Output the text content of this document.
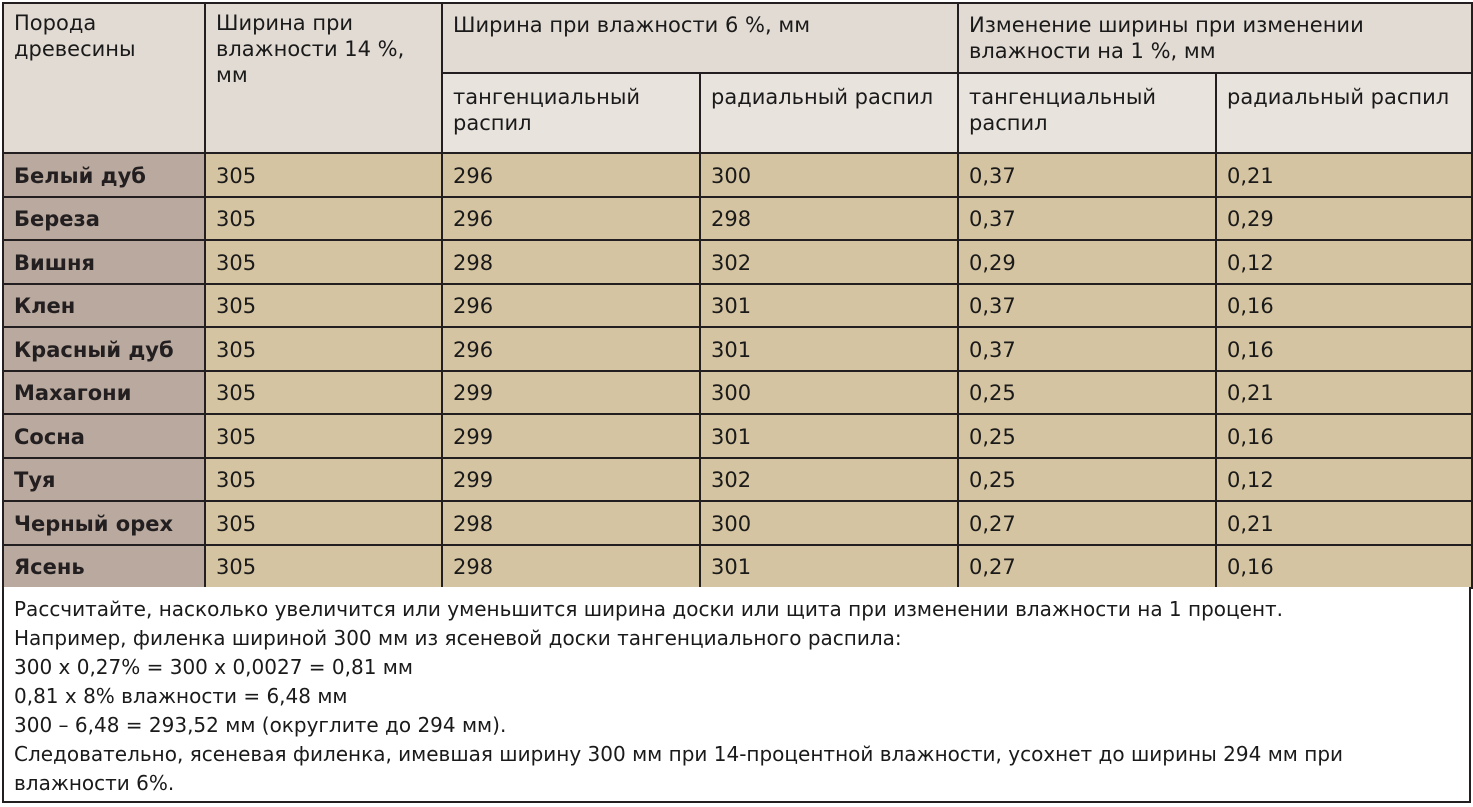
Порода древесины	Ширина при влажности 14 %, мм	Ширина при влажности 6 %, мм		Изменение ширины при изменении влажности на 1 %, мм	
		тангенциальный распил	радиальный распил	тангенциальный распил	радиальный распил
Белый дуб	305	296	300	0,37	0,21
Береза	305	296	298	0,37	0,29
Вишня	305	298	302	0,29	0,12
Клен	305	296	301	0,37	0,16
Красный дуб	305	296	301	0,37	0,16
Махагони	305	299	300	0,25	0,21
Сосна	305	299	301	0,25	0,16
Туя	305	299	302	0,25	0,12
Черный орех	305	298	300	0,27	0,21
Ясень	305	298	301	0,27	0,16

Рассчитайте, насколько увеличится или уменьшится ширина доски или щита при изменении влажности на 1 процент.

Например, филенка шириной 300 мм из ясеневой доски тангенциального распила:

300 х 0,27% = 300 х 0,0027 = 0,81 мм

0,81 х 8% влажности = 6,48 мм

300 – 6,48 = 293,52 мм (округлите до 294 мм).

Следовательно, ясеневая филенка, имевшая ширину 300 мм при 14-процентной влажности, усохнет до ширины 294 мм при влажности 6%.
